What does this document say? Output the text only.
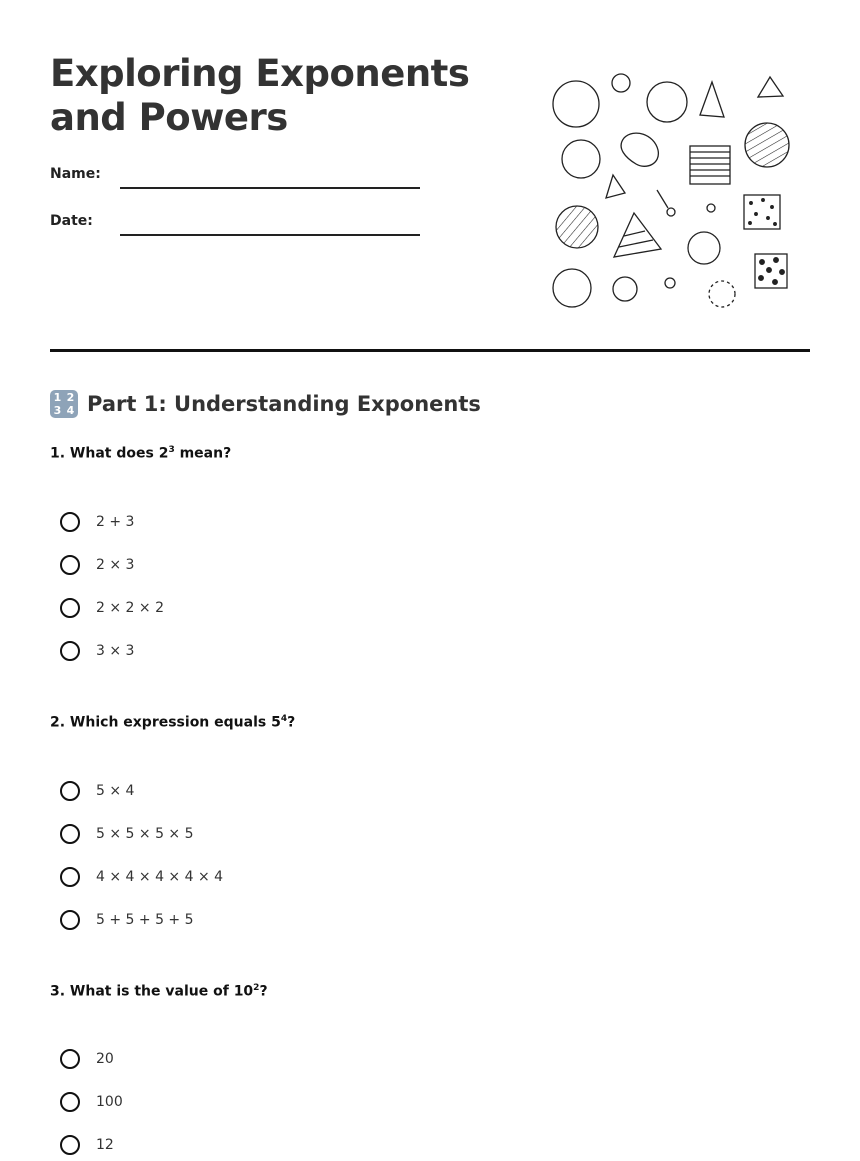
Exploring Exponents
and Powers
Name:
Date:
1 2
3 4 Part 1: Understanding Exponents

1. What does $2^3$ mean?

2 + 3
2 × 3
2 × 2 × 2
3 × 3

2. Which expression equals $5^4$?

5 × 4
5 × 5 × 5 × 5
4 × 4 × 4 × 4 × 4
5 + 5 + 5 + 5

3. What is the value of $10^2$?

20
100
12
